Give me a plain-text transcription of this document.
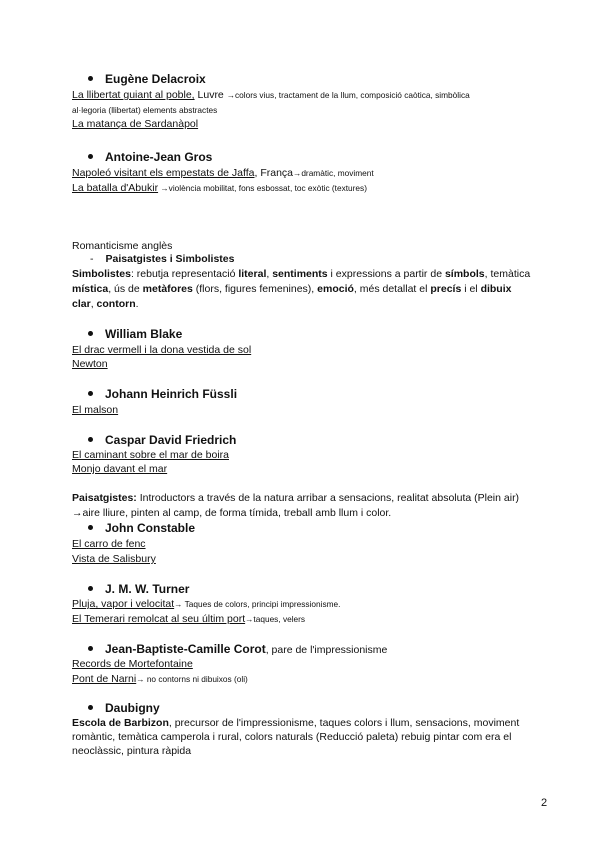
Eugène Delacroix
La llibertat guiant al poble, Luvre →colors vius, tractament de la llum, composició caòtica, simbòlica
al·legoria (llibertat) elements abstractes
La matança de Sardanàpol
Antoine-Jean Gros
Napoleó visitant els empestats de Jaffa, França→dramàtic, moviment
La batalla d'Abukir →violència mobilitat, fons esbossat, toc exòtic (textures)
Romanticisme anglès
- Paisatgistes i Simbolistes
Simbolistes: rebutja representació literal, sentiments i expressions a partir de símbols, temàtica mística, ús de metàfores (flors, figures femenines), emoció, més detallat el precís i el dibuix clar, contorn.
William Blake
El drac vermell i la dona vestida de sol
Newton
Johann Heinrich Füssli
El malson
Caspar David Friedrich
El caminant sobre el mar de boira
Monjo davant el mar
Paisatgistes: Introductors a través de la natura arribar a sensacions, realitat absoluta (Plein air)
→aire lliure, pinten al camp, de forma tímida, treball amb llum i color.
John Constable
El carro de fenc
Vista de Salisbury
J. M. W. Turner
Pluja, vapor i velocitat→ Taques de colors, principi impressionisme.
El Temerari remolcat al seu últim port→taques, velers
Jean-Baptiste-Camille Corot, pare de l'impressionisme
Records de Mortefontaine
Pont de Narni→ no contorns ni dibuixos (oli)
Daubigny
Escola de Barbizon, precursor de l'impressionisme, taques colors i llum, sensacions, moviment
romàntic, temàtica camperola i rural, colors naturals (Reducció paleta) rebuig pintar com era el
neoclàssic, pintura ràpida
2
